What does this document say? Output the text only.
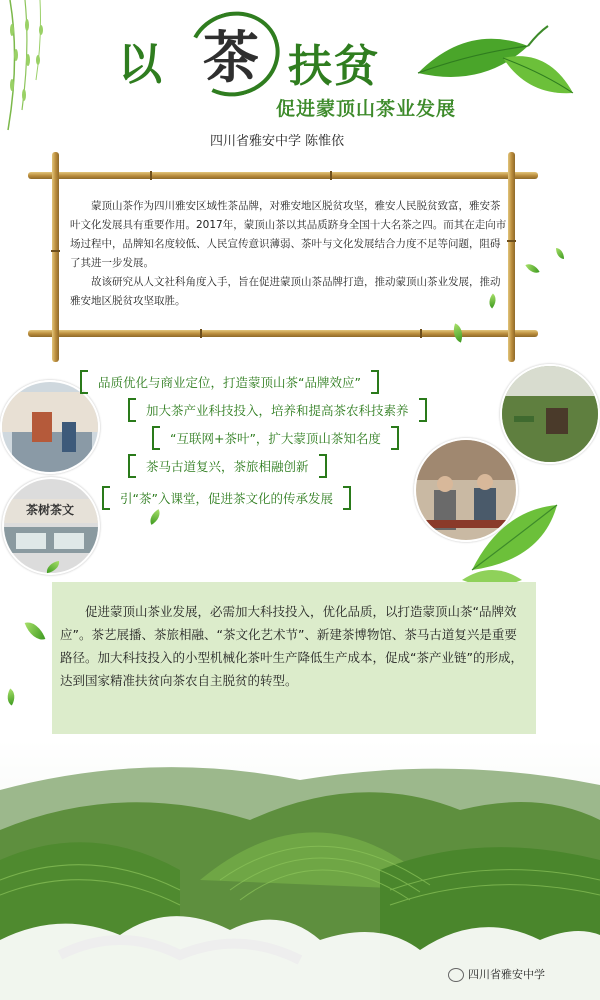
以 茶 扶贫
促进蒙顶山茶业发展
四川省雅安中学 陈惟依

蒙顶山茶作为四川雅安区域性茶品牌，对雅安地区脱贫攻坚，雅安人民脱贫致富，雅安茶叶文化发展具有重要作用。2017年，蒙顶山茶以其品质跻身全国十大名茶之四。而其在走向市场过程中，品牌知名度较低、人民宣传意识薄弱、茶叶与文化发展结合力度不足等问题，阻碍了其进一步发展。

故该研究从人文社科角度入手，旨在促进蒙顶山茶品牌打造，推动蒙顶山茶业发展，推动雅安地区脱贫攻坚取胜。

茶树茶文
品质优化与商业定位，打造蒙顶山茶“品牌效应”
加大茶产业科技投入，培养和提高茶农科技素养
“互联网+茶叶”，扩大蒙顶山茶知名度
茶马古道复兴，茶旅相融创新
引“茶”入课堂，促进茶文化的传承发展

促进蒙顶山茶业发展，必需加大科技投入，优化品质，以打造蒙顶山茶“品牌效应”。茶艺展播、茶旅相融、“茶文化艺术节”、新建茶博物馆、茶马古道复兴是重要路径。加大科技投入的小型机械化茶叶生产降低生产成本，促成“茶产业链”的形成，达到国家精准扶贫向茶农自主脱贫的转型。

四川省雅安中学
